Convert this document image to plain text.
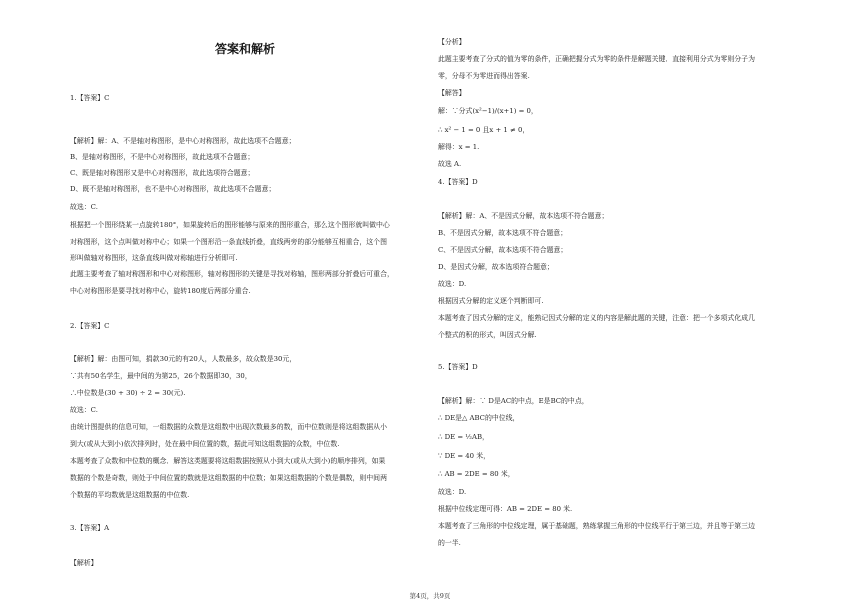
答案和解析
1.【答案】C
【解析】解：A、不是轴对称图形，是中心对称图形，故此选项不合题意；
B、是轴对称图形，不是中心对称图形，故此选项不合题意；
C、既是轴对称图形又是中心对称图形，故此选项符合题意；
D、既不是轴对称图形，也不是中心对称图形，故此选项不合题意；
故选：C.
根据把一个图形绕某一点旋转180°，如果旋转后的图形能够与原来的图形重合，那么这个图形就叫做中心
对称图形，这个点叫做对称中心；如果一个图形沿一条直线折叠，直线两旁的部分能够互相重合，这个图
形叫做轴对称图形，这条直线叫做对称轴进行分析即可.
此题主要考查了轴对称图形和中心对称图形，轴对称图形的关键是寻找对称轴，图形两部分折叠后可重合，
中心对称图形是要寻找对称中心，旋转180度后两部分重合.
2.【答案】C
【解析】解：由图可知，捐款30元的有20人，人数最多，故众数是30元，
∵共有50名学生，最中间的为第25，26个数据即30，30，
∴中位数是(30 + 30) ÷ 2 = 30(元).
故选：C.
由统计图提供的信息可知，一组数据的众数是这组数中出现次数最多的数，而中位数则是将这组数据从小
到大(或从大到小)依次排列时，处在最中间位置的数，据此可知这组数据的众数，中位数.
本题考查了众数和中位数的概念．解答这类题要将这组数据按照从小到大(或从大到小)的顺序排列，如果
数据的个数是奇数，则处于中间位置的数就是这组数据的中位数；如果这组数据的个数是偶数，则中间两
个数据的平均数就是这组数据的中位数.
3.【答案】A
【解析】
【分析】
此题主要考查了分式的值为零的条件，正确把握分式为零的条件是解题关键．直接利用分式为零则分子为
零，分母不为零进而得出答案.
【解答】
解：∵分式(x²−1)/(x+1) = 0，
∴ x² − 1 = 0 且x + 1 ≠ 0，
解得：x = 1.
故选 A.
4.【答案】D
【解析】解：A、不是因式分解，故本选项不符合题意；
B、不是因式分解，故本选项不符合题意；
C、不是因式分解，故本选项不符合题意；
D、是因式分解，故本选项符合题意；
故选：D.
根据因式分解的定义逐个判断即可.
本题考查了因式分解的定义，能熟记因式分解的定义的内容是解此题的关键，注意：把一个多项式化成几
个整式的积的形式，叫因式分解.
5.【答案】D
【解析】解：∵ D是AC的中点，E是BC的中点，
∴ DE是△ ABC的中位线，
∴ DE = ½AB，
∵ DE = 40 米，
∴ AB = 2DE = 80 米，
故选：D.
根据中位线定理可得：AB = 2DE = 80 米.
本题考查了三角形的中位线定理，属于基础题，熟练掌握三角形的中位线平行于第三边，并且等于第三边
的一半.
第4页，共9页
